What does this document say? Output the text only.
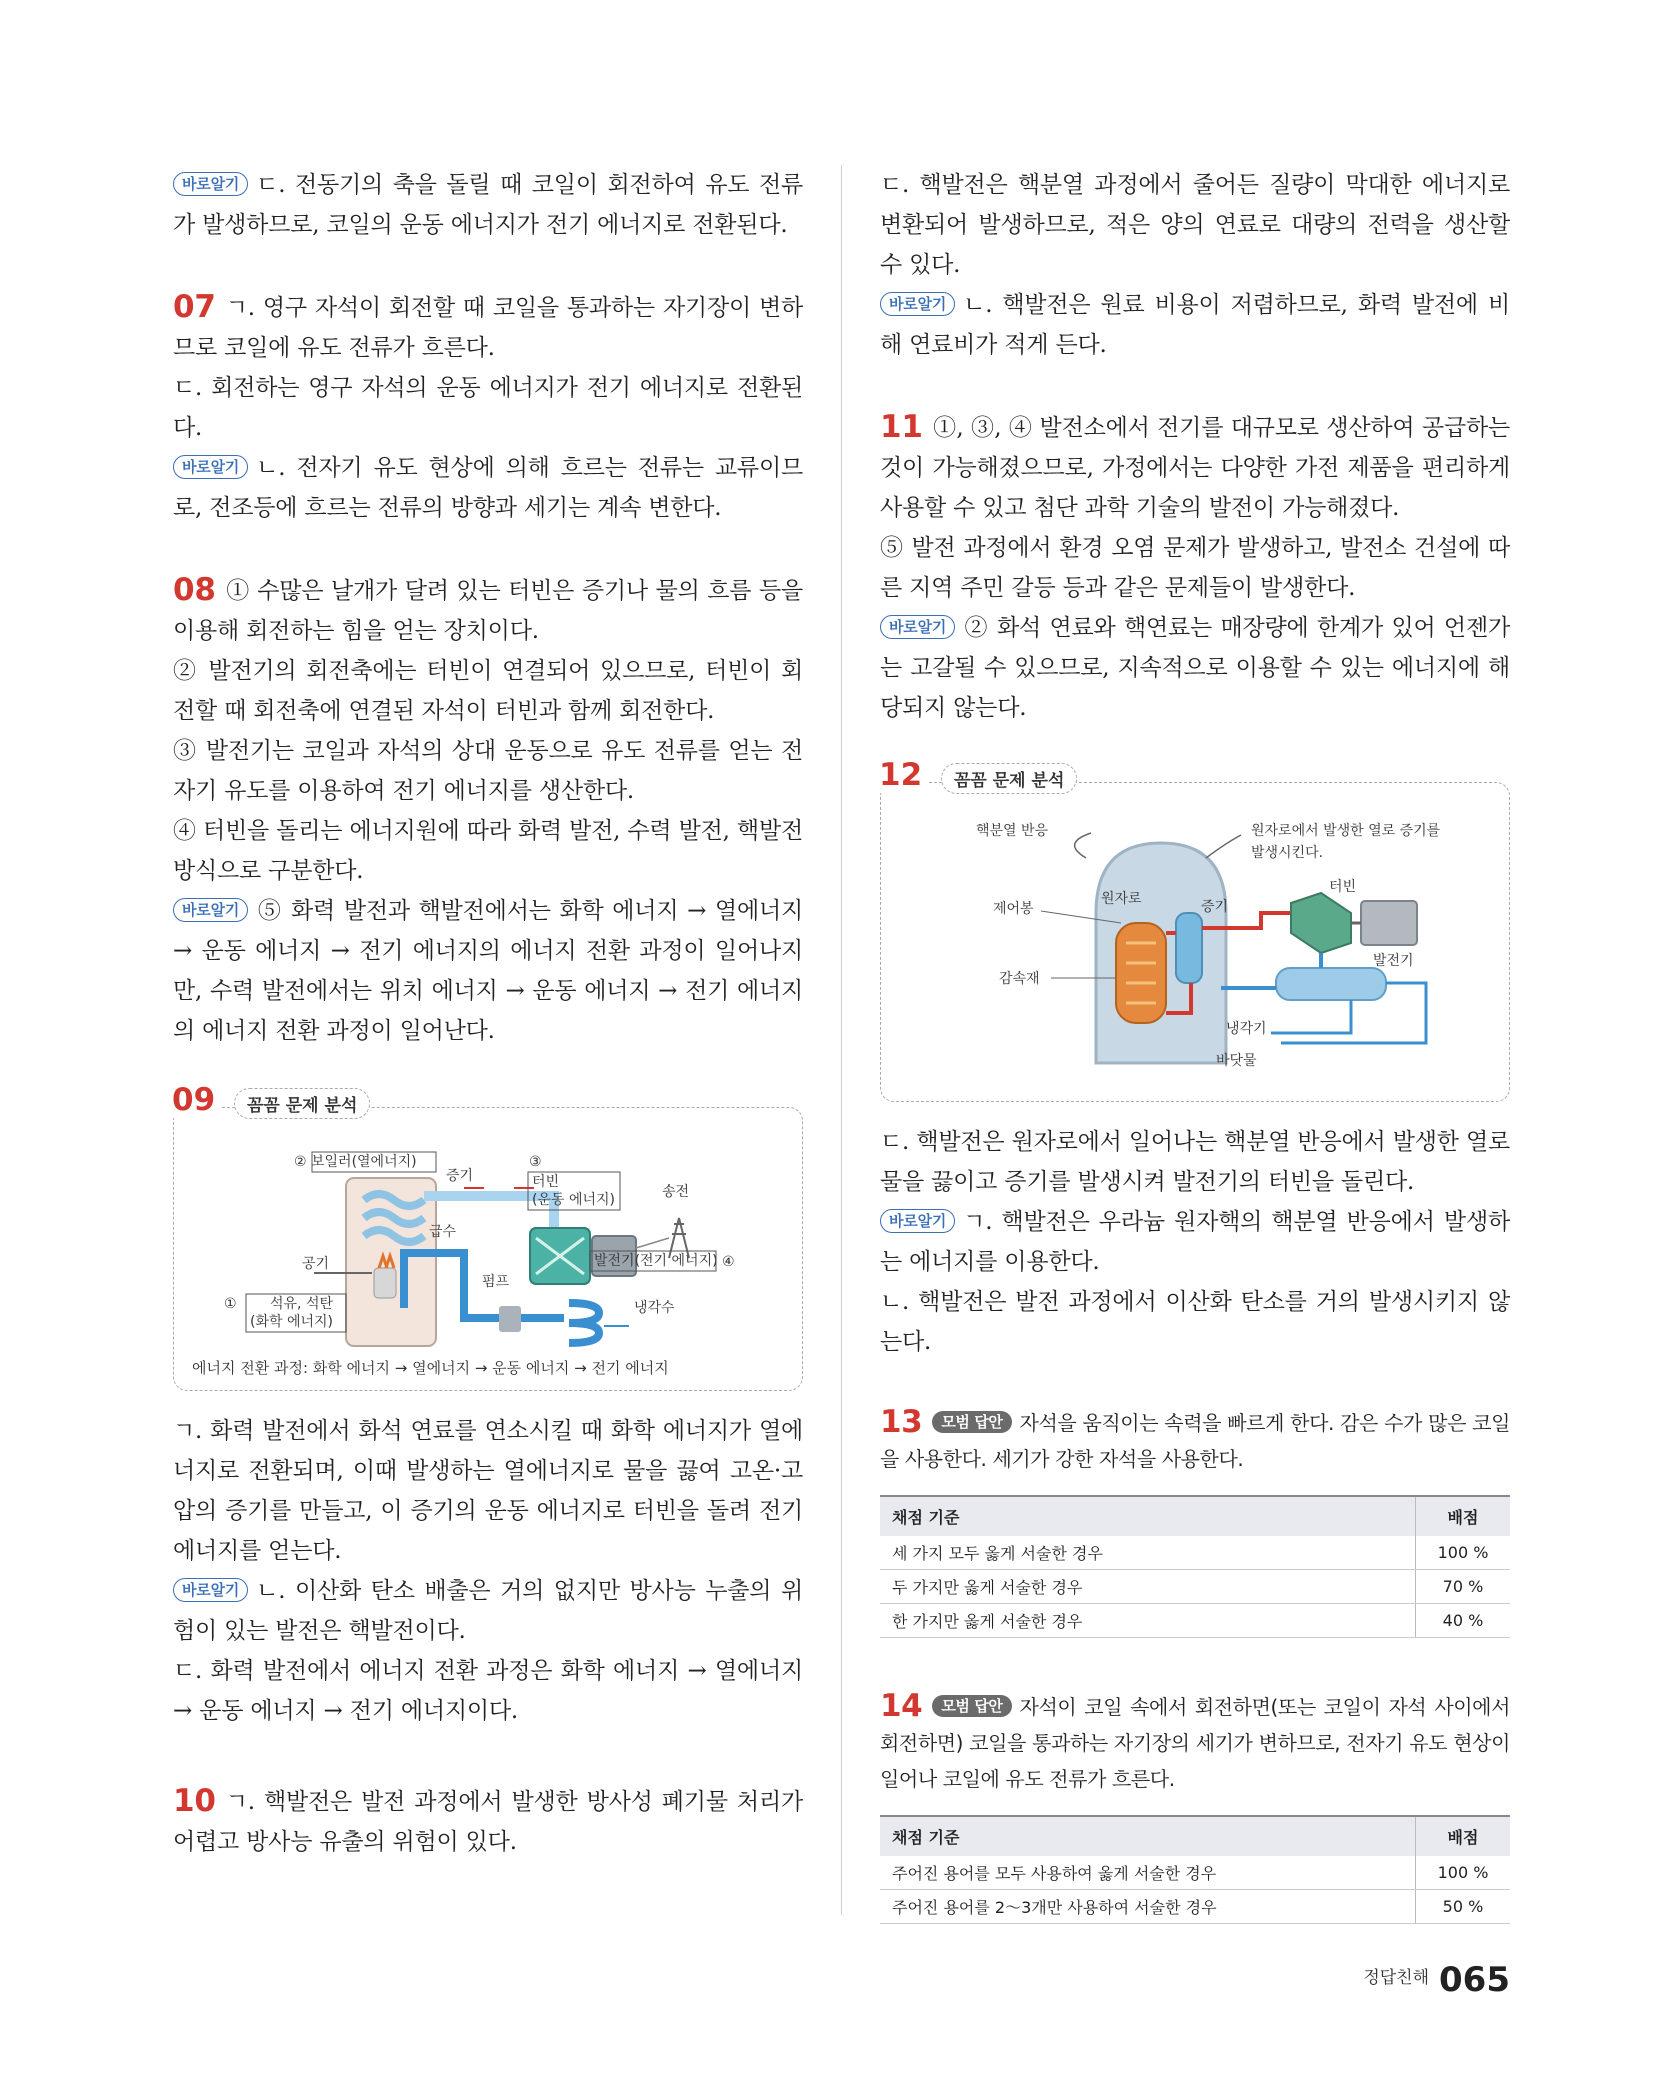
바로알기 ㄷ. 전동기의 축을 돌릴 때 코일이 회전하여 유도 전류가 발생하므로, 코일의 운동 에너지가 전기 에너지로 전환된다.

07 ㄱ. 영구 자석이 회전할 때 코일을 통과하는 자기장이 변하므로 코일에 유도 전류가 흐른다.

ㄷ. 회전하는 영구 자석의 운동 에너지가 전기 에너지로 전환된다.

바로알기 ㄴ. 전자기 유도 현상에 의해 흐르는 전류는 교류이므로, 전조등에 흐르는 전류의 방향과 세기는 계속 변한다.

08 ① 수많은 날개가 달려 있는 터빈은 증기나 물의 흐름 등을 이용해 회전하는 힘을 얻는 장치이다.

② 발전기의 회전축에는 터빈이 연결되어 있으므로, 터빈이 회전할 때 회전축에 연결된 자석이 터빈과 함께 회전한다.

③ 발전기는 코일과 자석의 상대 운동으로 유도 전류를 얻는 전자기 유도를 이용하여 전기 에너지를 생산한다.

④ 터빈을 돌리는 에너지원에 따라 화력 발전, 수력 발전, 핵발전 방식으로 구분한다.

바로알기 ⑤ 화력 발전과 핵발전에서는 화학 에너지 → 열에너지 → 운동 에너지 → 전기 에너지의 에너지 전환 과정이 일어나지만, 수력 발전에서는 위치 에너지 → 운동 에너지 → 전기 에너지의 에너지 전환 과정이 일어난다.

09	꼼꼼 문제 분석
② 보일러(열에너지)
증기
③
터빈
(운동 에너지)	송전
급수
공기
펌프
발전기(전기 에너지) ④
① 석유, 석탄
(화학 에너지)
냉각수
에너지 전환 과정: 화학 에너지 → 열에너지 → 운동 에너지 → 전기 에너지

ㄱ. 화력 발전에서 화석 연료를 연소시킬 때 화학 에너지가 열에너지로 전환되며, 이때 발생하는 열에너지로 물을 끓여 고온·고압의 증기를 만들고, 이 증기의 운동 에너지로 터빈을 돌려 전기 에너지를 얻는다.

바로알기 ㄴ. 이산화 탄소 배출은 거의 없지만 방사능 누출의 위험이 있는 발전은 핵발전이다.

ㄷ. 화력 발전에서 에너지 전환 과정은 화학 에너지 → 열에너지 → 운동 에너지 → 전기 에너지이다.

10 ㄱ. 핵발전은 발전 과정에서 발생한 방사성 폐기물 처리가 어렵고 방사능 유출의 위험이 있다.

ㄷ. 핵발전은 핵분열 과정에서 줄어든 질량이 막대한 에너지로 변환되어 발생하므로, 적은 양의 연료로 대량의 전력을 생산할 수 있다.

바로알기 ㄴ. 핵발전은 원료 비용이 저렴하므로, 화력 발전에 비해 연료비가 적게 든다.

11 ①, ③, ④ 발전소에서 전기를 대규모로 생산하여 공급하는 것이 가능해졌으므로, 가정에서는 다양한 가전 제품을 편리하게 사용할 수 있고 첨단 과학 기술의 발전이 가능해졌다.

⑤ 발전 과정에서 환경 오염 문제가 발생하고, 발전소 건설에 따른 지역 주민 갈등 등과 같은 문제들이 발생한다.

바로알기 ② 화석 연료와 핵연료는 매장량에 한계가 있어 언젠가는 고갈될 수 있으므로, 지속적으로 이용할 수 있는 에너지에 해당되지 않는다.

12	꼼꼼 문제 분석
핵분열 반응	원자로에서 발생한 열로 증기를
발생시킨다.
제어봉
원자로	증기
터빈
감속재
발전기
냉각기
바닷물

ㄷ. 핵발전은 원자로에서 일어나는 핵분열 반응에서 발생한 열로 물을 끓이고 증기를 발생시켜 발전기의 터빈을 돌린다.

바로알기 ㄱ. 핵발전은 우라늄 원자핵의 핵분열 반응에서 발생하는 에너지를 이용한다.

ㄴ. 핵발전은 발전 과정에서 이산화 탄소를 거의 발생시키지 않는다.

13 모범 답안 자석을 움직이는 속력을 빠르게 한다. 감은 수가 많은 코일을 사용한다. 세기가 강한 자석을 사용한다.

채점 기준	배점
세 가지 모두 옳게 서술한 경우	100 %
두 가지만 옳게 서술한 경우	70 %
한 가지만 옳게 서술한 경우	40 %

14 모범 답안 자석이 코일 속에서 회전하면(또는 코일이 자석 사이에서 회전하면) 코일을 통과하는 자기장의 세기가 변하므로, 전자기 유도 현상이 일어나 코일에 유도 전류가 흐른다.

채점 기준	배점
주어진 용어를 모두 사용하여 옳게 서술한 경우	100 %
주어진 용어를 2～3개만 사용하여 서술한 경우	50 %
정답친해 065
